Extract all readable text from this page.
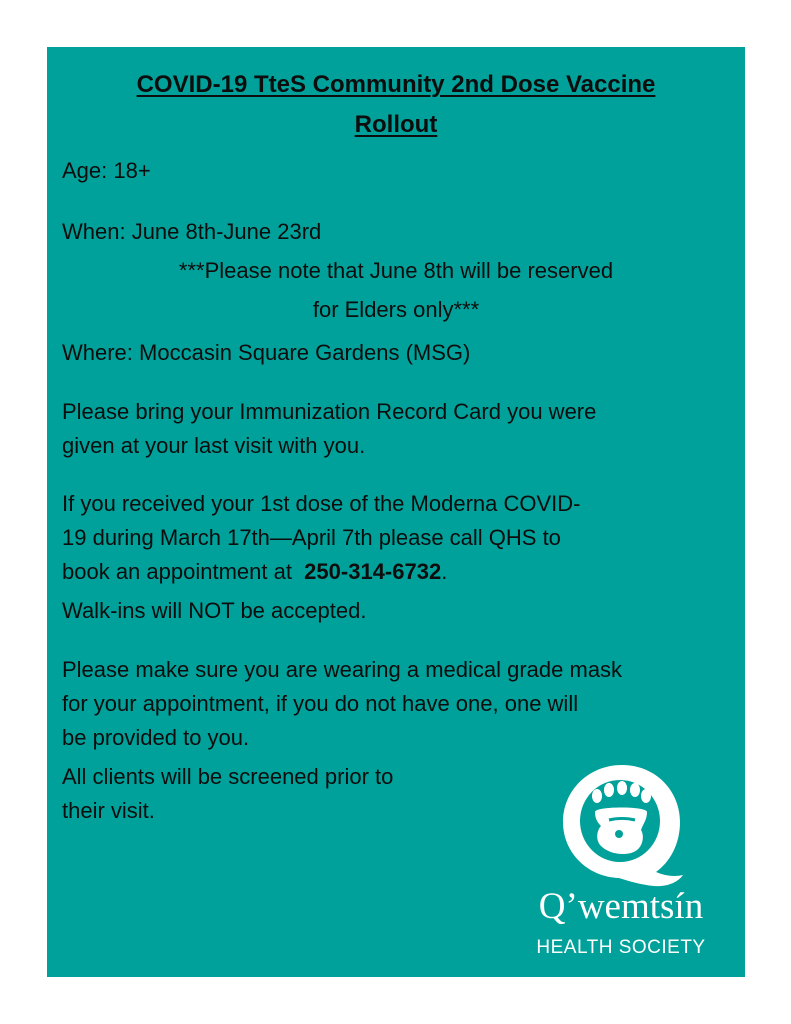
COVID-19 TteS Community 2nd Dose Vaccine
Rollout
Age: 18+
When: June 8th-June 23rd
***Please note that June 8th will be reserved
for Elders only***
Where: Moccasin Square Gardens (MSG)
Please bring your Immunization Record Card you were
given at your last visit with you.
If you received your 1st dose of the Moderna COVID-
19 during March 17th—April 7th please call QHS to
book an appointment at  250-314-6732.
Walk-ins will NOT be accepted.
Please make sure you are wearing a medical grade mask
for your appointment, if you do not have one, one will
be provided to you.
All clients will be screened prior to
their visit.
Q’wemtsín
HEALTH SOCIETY
